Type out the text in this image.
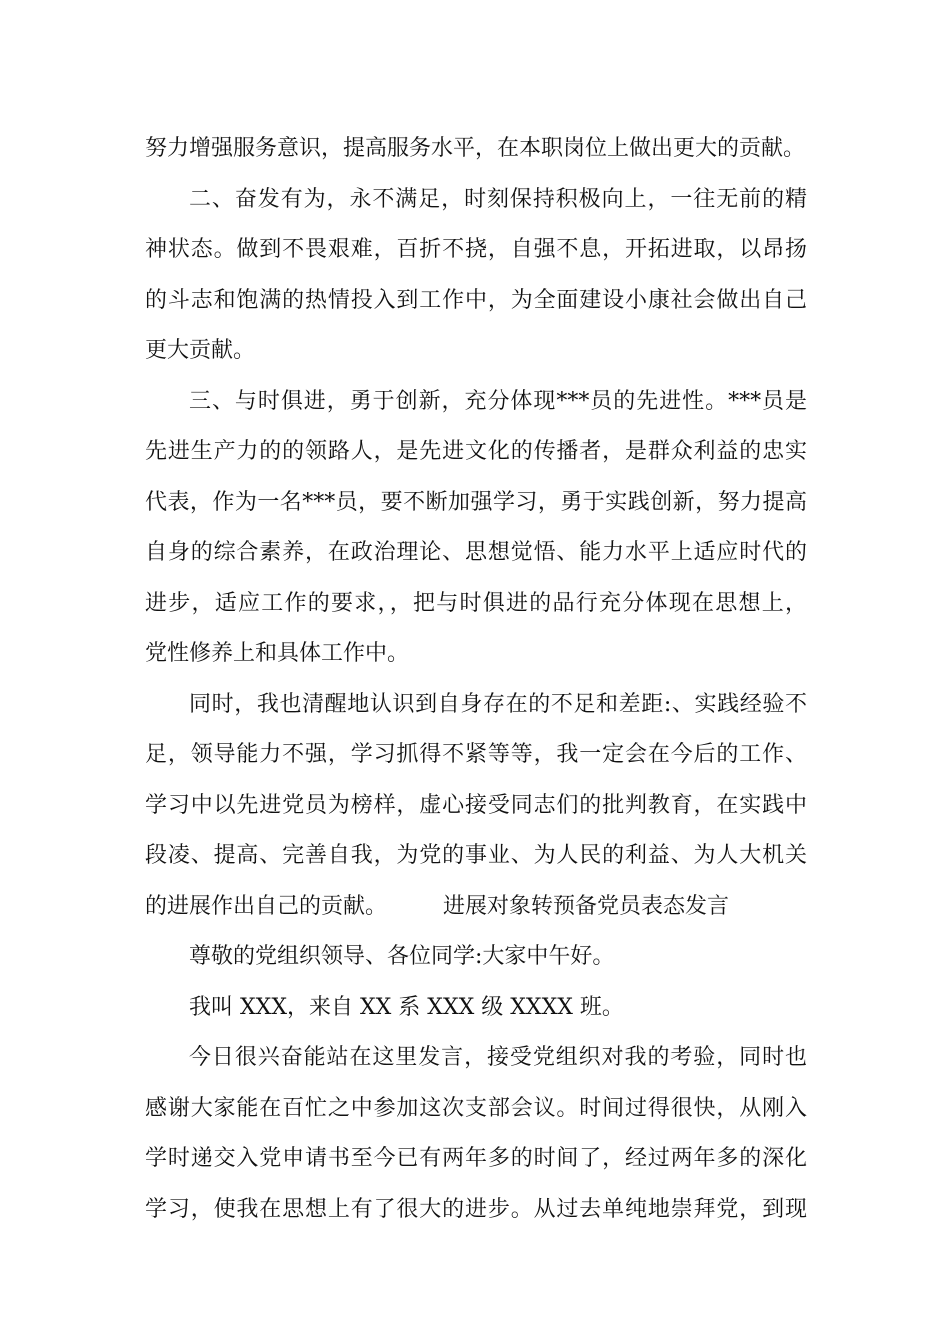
努力增强服务意识，提高服务水平，在本职岗位上做出更大的贡献。
二、奋发有为，永不满足，时刻保持积极向上，一往无前的精
神状态。做到不畏艰难，百折不挠，自强不息，开拓进取，以昂扬
的斗志和饱满的热情投入到工作中，为全面建设小康社会做出自己
更大贡献。
三、与时俱进，勇于创新，充分体现***员的先进性。***员是
先进生产力的的领路人，是先进文化的传播者，是群众利益的忠实
代表，作为一名***员，要不断加强学习，勇于实践创新，努力提高
自身的综合素养，在政治理论、思想觉悟、能力水平上适应时代的
进步，适应工作的要求，，把与时俱进的品行充分体现在思想上，
党性修养上和具体工作中。
同时，我也清醒地认识到自身存在的不足和差距:、实践经验不
足，领导能力不强，学习抓得不紧等等，我一定会在今后的工作、
学习中以先进党员为榜样，虚心接受同志们的批判教育，在实践中
段凌、提高、完善自我，为党的事业、为人民的利益、为人大机关
的进展作出自己的贡献。        进展对象转预备党员表态发言
尊敬的党组织领导、各位同学:大家中午好。
我叫 XXX，来自 XX 系 XXX 级 XXXX 班。
今日很兴奋能站在这里发言，接受党组织对我的考验，同时也
感谢大家能在百忙之中参加这次支部会议。时间过得很快，从刚入
学时递交入党申请书至今已有两年多的时间了，经过两年多的深化
学习，使我在思想上有了很大的进步。从过去单纯地崇拜党，到现
